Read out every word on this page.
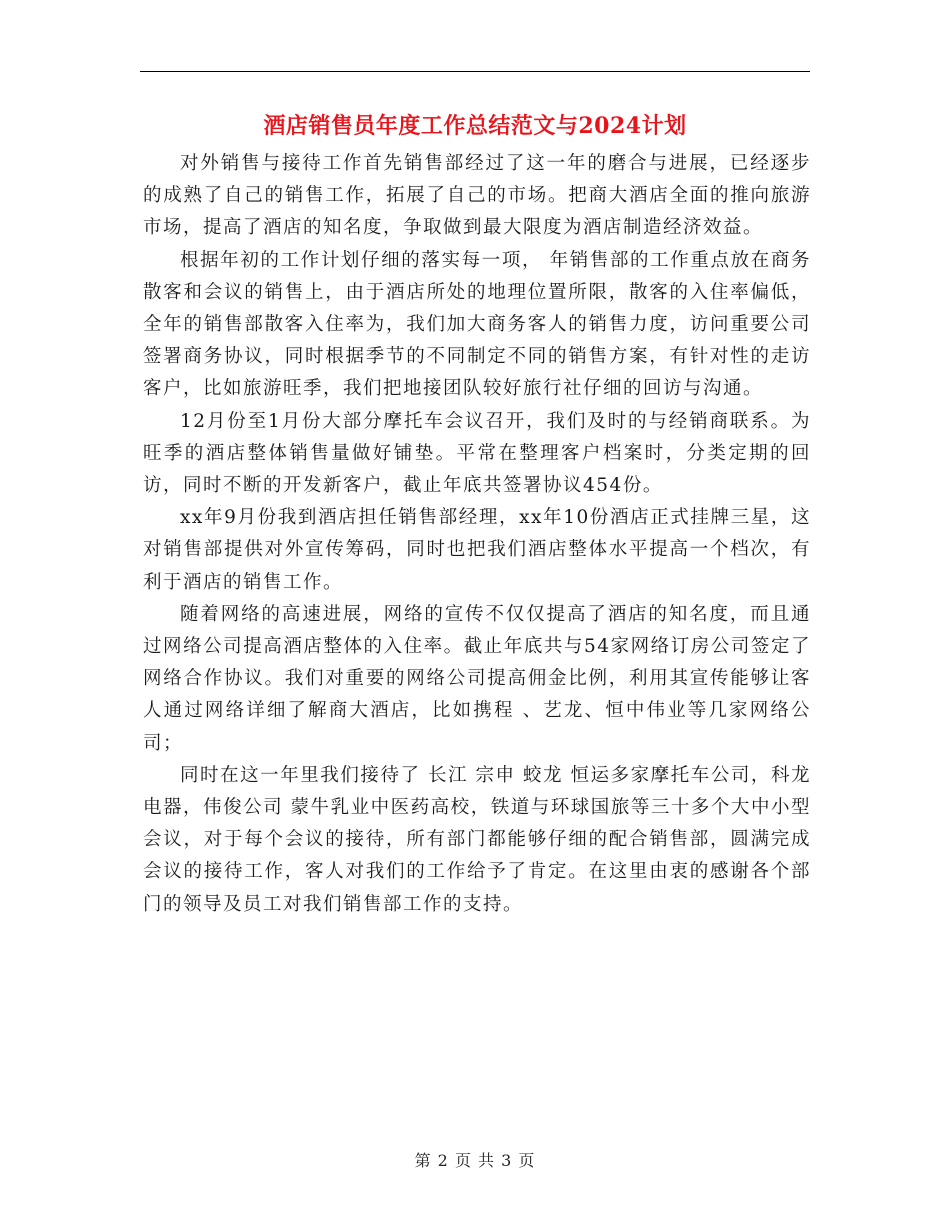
酒店销售员年度工作总结范文与2024计划

对外销售与接待工作首先销售部经过了这一年的磨合与进展，已经逐步的成熟了自己的销售工作，拓展了自己的市场。把商大酒店全面的推向旅游市场，提高了酒店的知名度，争取做到最大限度为酒店制造经济效益。

根据年初的工作计划仔细的落实每一项， 年销售部的工作重点放在商务散客和会议的销售上，由于酒店所处的地理位置所限，散客的入住率偏低，全年的销售部散客入住率为，我们加大商务客人的销售力度，访问重要公司签署商务协议，同时根据季节的不同制定不同的销售方案，有针对性的走访客户，比如旅游旺季，我们把地接团队较好旅行社仔细的回访与沟通。

12月份至1月份大部分摩托车会议召开，我们及时的与经销商联系。为旺季的酒店整体销售量做好铺垫。平常在整理客户档案时，分类定期的回访，同时不断的开发新客户，截止年底共签署协议454份。

xx年9月份我到酒店担任销售部经理，xx年10份酒店正式挂牌三星，这对销售部提供对外宣传筹码，同时也把我们酒店整体水平提高一个档次，有利于酒店的销售工作。

随着网络的高速进展，网络的宣传不仅仅提高了酒店的知名度，而且通过网络公司提高酒店整体的入住率。截止年底共与54家网络订房公司签定了网络合作协议。我们对重要的网络公司提高佣金比例，利用其宣传能够让客人通过网络详细了解商大酒店，比如携程 、艺龙、恒中伟业等几家网络公司；

同时在这一年里我们接待了 长江 宗申 蛟龙 恒运多家摩托车公司，科龙电器，伟俊公司 蒙牛乳业中医药高校，铁道与环球国旅等三十多个大中小型会议，对于每个会议的接待，所有部门都能够仔细的配合销售部，圆满完成会议的接待工作，客人对我们的工作给予了肯定。在这里由衷的感谢各个部门的领导及员工对我们销售部工作的支持。

第 2 页 共 3 页
